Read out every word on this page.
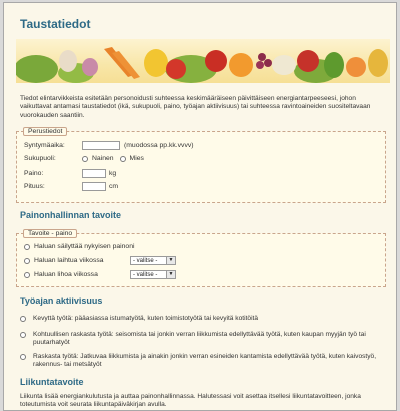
Taustatiedot
Tiedot elintarvikkeista esitetään personoidusti suhteessa keskimääräiseen päivittäiseen energiantarpeeseesi, johon vaikuttavat antamasi taustatiedot (ikä, sukupuoli, paino, työajan aktiivisuus) tai suhteessa ravintoaineiden suositeltavaan vuorokauden saantiin.
Perustiedot
Syntymäaika:	(muodossa pp.kk.vvvv)
Sukupuoli:	Nainen Mies
Paino:	kg
Pituus:	cm
Painonhallinnan tavoite
Tavoite - paino
Haluan säilyttää nykyisen painoni
Haluan laihtua viikossa	- valitse -	▼
Haluan lihoa viikossa	- valitse -	▼
Työajan aktiivisuus
Kevyttä työtä: pääasiassa istumatyötä, kuten toimistotyötä tai kevyitä kotitöitä
Kohtuullisen raskasta työtä: seisomista tai jonkin verran liikkumista edellyttävää työtä, kuten kaupan myyjän työ tai puutarhatyöt
Raskasta työtä: Jatkuvaa liikkumista ja ainakin jonkin verran esineiden kantamista edellyttävää työtä, kuten kaivostyö, rakennus- tai metsätyöt
Liikuntatavoite
Liikunta lisää energiankulutusta ja auttaa painonhallinnassa. Halutessasi voit asettaa itsellesi liikuntatavoitteen, jonka toteutumista voit seurata liikuntapäiväkirjan avulla.
